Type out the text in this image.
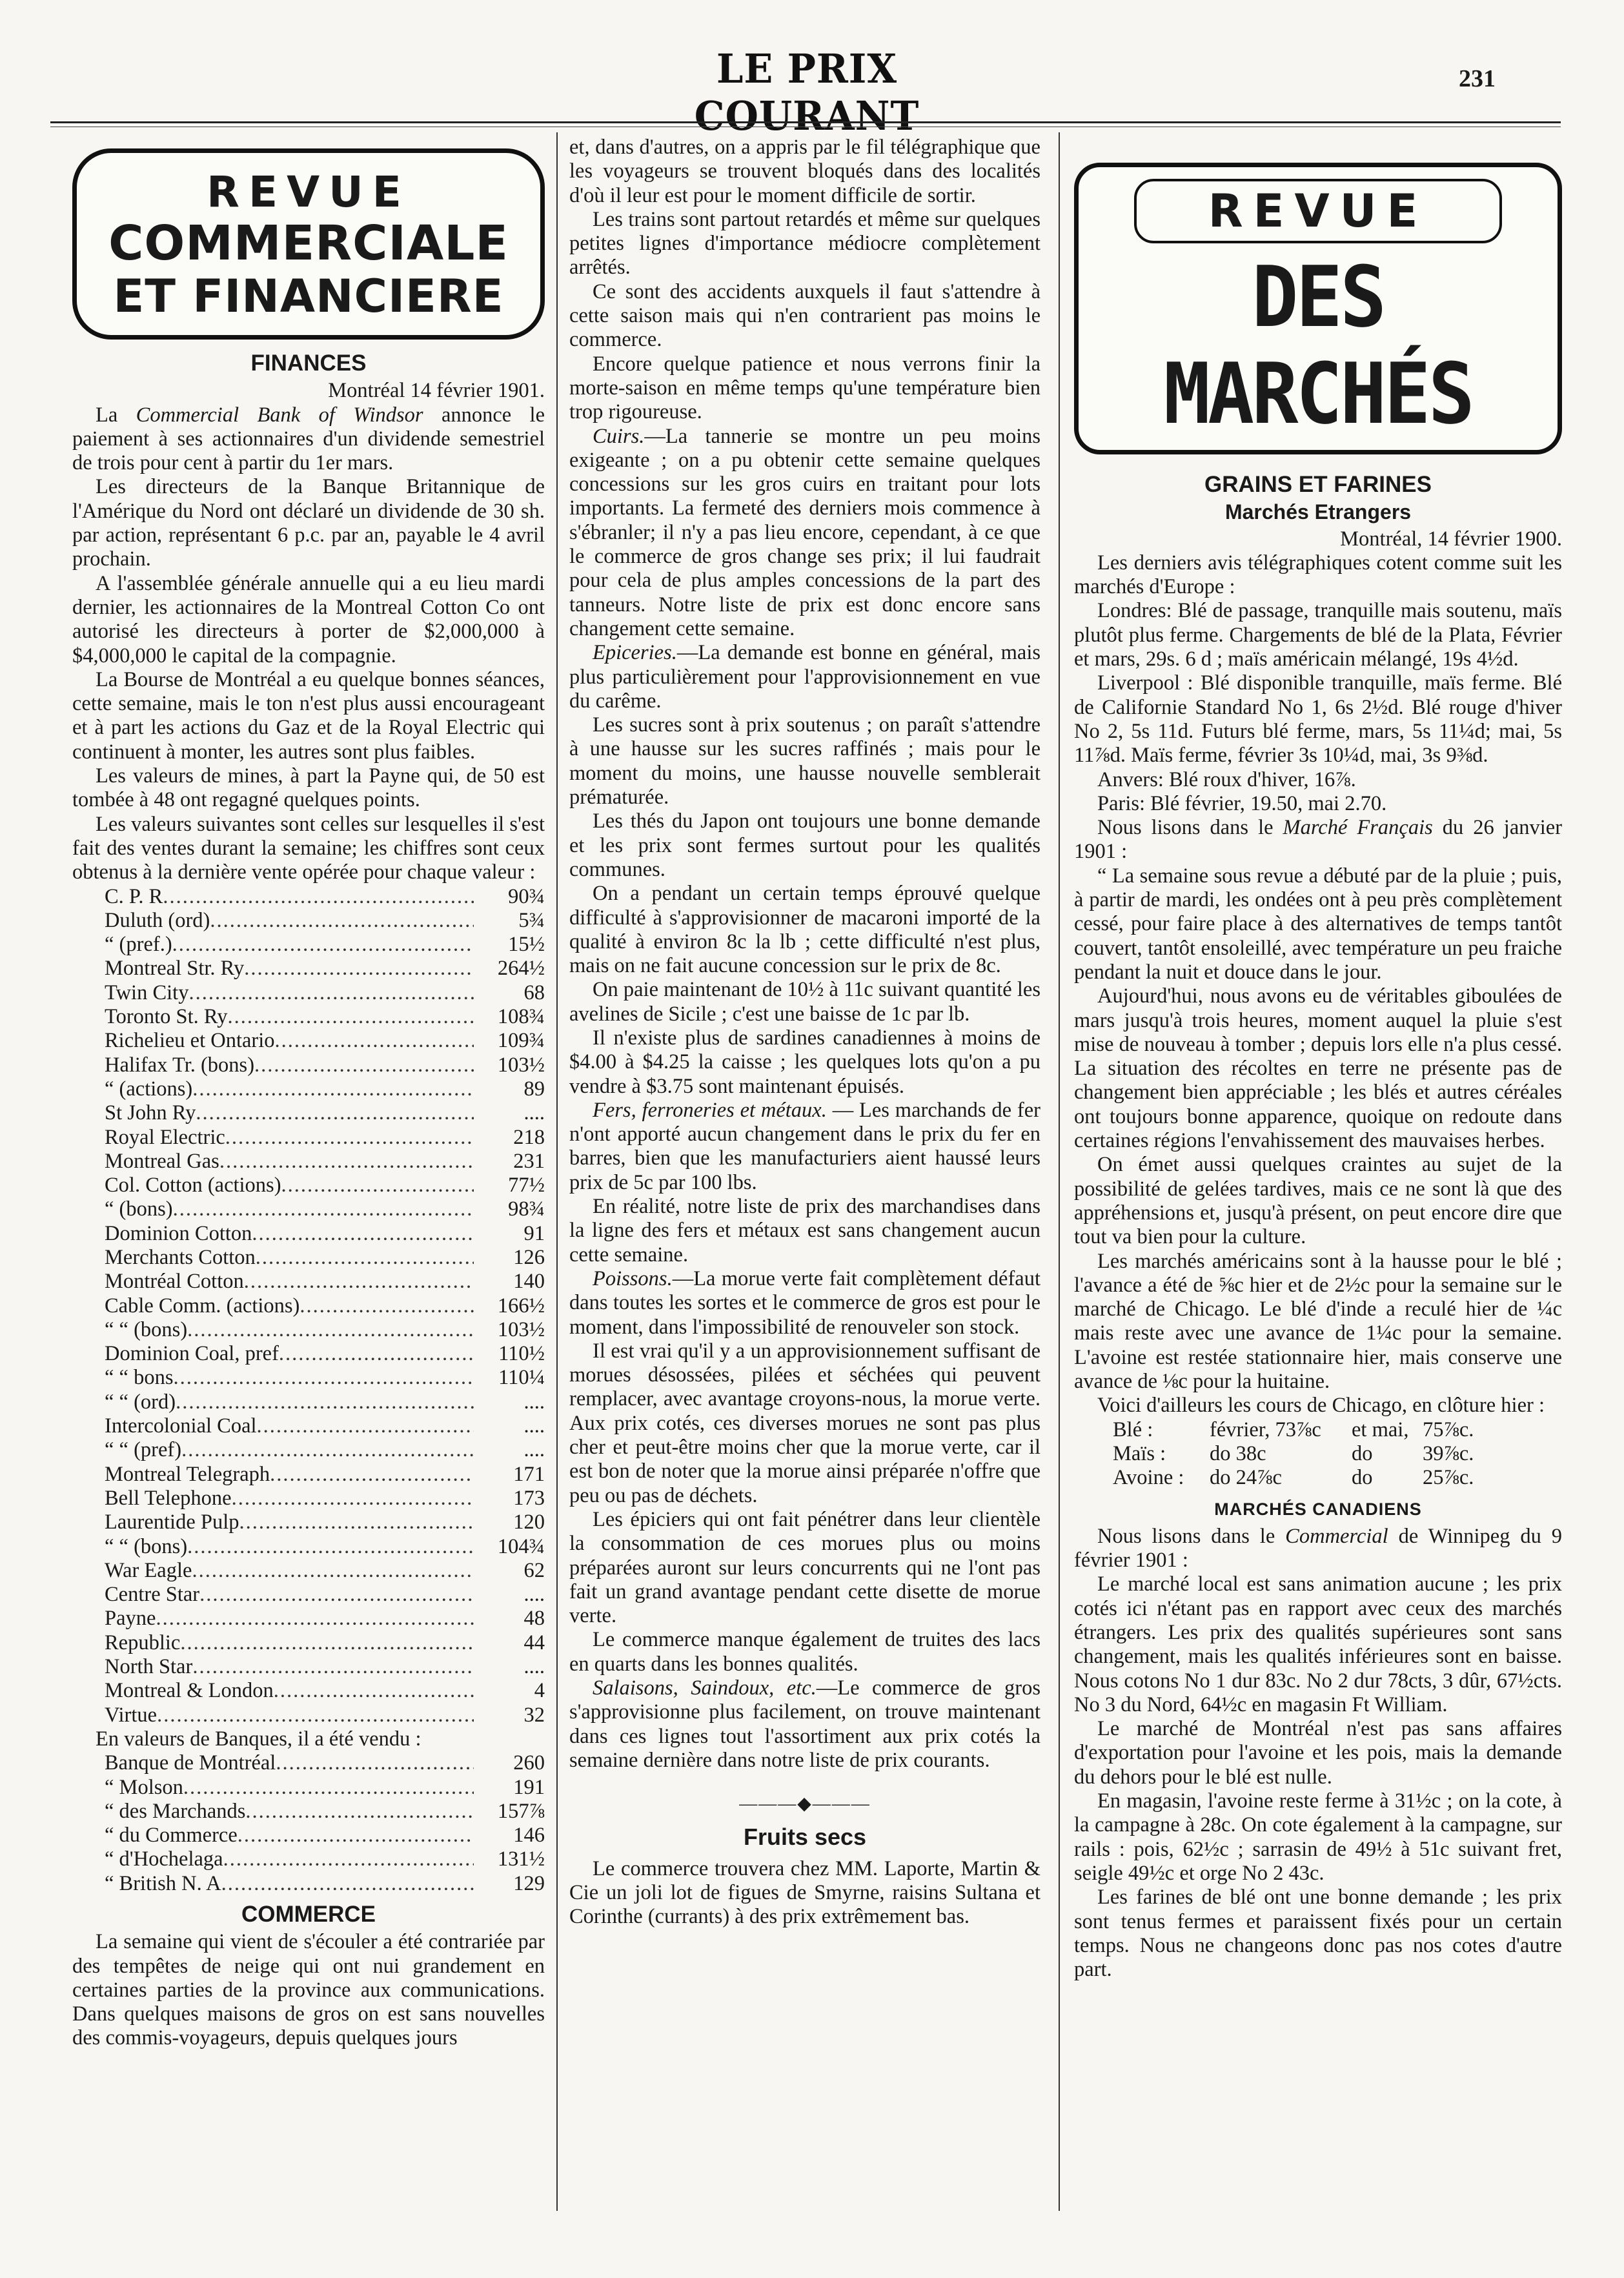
LE PRIX COURANT
231
REVUE
COMMERCIALE
ET FINANCIERE
FINANCES
Montréal 14 février 1901.

La Commercial Bank of Windsor annonce le paiement à ses actionnaires d'un dividende semestriel de trois pour cent à partir du 1er mars.

Les directeurs de la Banque Britannique de l'Amérique du Nord ont déclaré un dividende de 30 sh. par action, représentant 6 p.c. par an, payable le 4 avril prochain.

A l'assemblée générale annuelle qui a eu lieu mardi dernier, les actionnaires de la Montreal Cotton Co ont autorisé les directeurs à porter de $2,000,000 à $4,000,000 le capital de la compagnie.

La Bourse de Montréal a eu quelque bonnes séances, cette semaine, mais le ton n'est plus aussi encourageant et à part les actions du Gaz et de la Royal Electric qui continuent à monter, les autres sont plus faibles.

Les valeurs de mines, à part la Payne qui, de 50 est tombée à 48 ont regagné quelques points.

Les valeurs suivantes sont celles sur lesquelles il s'est fait des ventes durant la semaine; les chiffres sont ceux obtenus à la dernière vente opérée pour chaque valeur :

C. P. R .....	90¾
Duluth (ord) .....	5¾
“ (pref.) .....	15½
Montreal Str. Ry .....	264½
Twin City .....	68
Toronto St. Ry .....	108¾
Richelieu et Ontario .....	109¾
Halifax Tr. (bons) .....	103½
“ (actions) .....	89
St John Ry .....	....
Royal Electric .....	218
Montreal Gas .....	231
Col. Cotton (actions) .....	77½
“ (bons) .....	98¾
Dominion Cotton .....	91
Merchants Cotton .....	126
Montréal Cotton .....	140
Cable Comm. (actions) .....	166½
“ “ (bons) .....	103½
Dominion Coal, pref .....	110½
“ “ bons .....	110¼
“ “ (ord) .....	....
Intercolonial Coal .....	....
“ “ (pref) .....	....
Montreal Telegraph .....	171
Bell Telephone .....	173
Laurentide Pulp .....	120
“ “ (bons) .....	104¾
War Eagle .....	62
Centre Star .....	....
Payne .....	48
Republic .....	44
North Star .....	....
Montreal & London .....	4
Virtue .....	32

En valeurs de Banques, il a été vendu :

Banque de Montréal .....	260
“ Molson .....	191
“ des Marchands .....	157⅞
“ du Commerce .....	146
“ d'Hochelaga .....	131½
“ British N. A .....	129
COMMERCE

La semaine qui vient de s'écouler a été contrariée par des tempêtes de neige qui ont nui grandement en certaines parties de la province aux communications. Dans quelques maisons de gros on est sans nouvelles des commis-voyageurs, depuis quelques jours

et, dans d'autres, on a appris par le fil télégraphique que les voyageurs se trouvent bloqués dans des localités d'où il leur est pour le moment difficile de sortir.

Les trains sont partout retardés et même sur quelques petites lignes d'importance médiocre complètement arrêtés.

Ce sont des accidents auxquels il faut s'attendre à cette saison mais qui n'en contrarient pas moins le commerce.

Encore quelque patience et nous verrons finir la morte-saison en même temps qu'une température bien trop rigoureuse.

Cuirs.—La tannerie se montre un peu moins exigeante ; on a pu obtenir cette semaine quelques concessions sur les gros cuirs en traitant pour lots importants. La fermeté des derniers mois commence à s'ébranler; il n'y a pas lieu encore, cependant, à ce que le commerce de gros change ses prix; il lui faudrait pour cela de plus amples concessions de la part des tanneurs. Notre liste de prix est donc encore sans changement cette semaine.

Epiceries.—La demande est bonne en général, mais plus particulièrement pour l'approvisionnement en vue du carême.

Les sucres sont à prix soutenus ; on paraît s'attendre à une hausse sur les sucres raffinés ; mais pour le moment du moins, une hausse nouvelle semblerait prématurée.

Les thés du Japon ont toujours une bonne demande et les prix sont fermes surtout pour les qualités communes.

On a pendant un certain temps éprouvé quelque difficulté à s'approvisionner de macaroni importé de la qualité à environ 8c la lb ; cette difficulté n'est plus, mais on ne fait aucune concession sur le prix de 8c.

On paie maintenant de 10½ à 11c suivant quantité les avelines de Sicile ; c'est une baisse de 1c par lb.

Il n'existe plus de sardines canadiennes à moins de $4.00 à $4.25 la caisse ; les quelques lots qu'on a pu vendre à $3.75 sont maintenant épuisés.

Fers, ferroneries et métaux. — Les marchands de fer n'ont apporté aucun changement dans le prix du fer en barres, bien que les manufacturiers aient haussé leurs prix de 5c par 100 lbs.

En réalité, notre liste de prix des marchandises dans la ligne des fers et métaux est sans changement aucun cette semaine.

Poissons.—La morue verte fait complètement défaut dans toutes les sortes et le commerce de gros est pour le moment, dans l'impossibilité de renouveler son stock.

Il est vrai qu'il y a un approvisionnement suffisant de morues désossées, pilées et séchées qui peuvent remplacer, avec avantage croyons-nous, la morue verte. Aux prix cotés, ces diverses morues ne sont pas plus cher et peut-être moins cher que la morue verte, car il est bon de noter que la morue ainsi préparée n'offre que peu ou pas de déchets.

Les épiciers qui ont fait pénétrer dans leur clientèle la consommation de ces morues plus ou moins préparées auront sur leurs concurrents qui ne l'ont pas fait un grand avantage pendant cette disette de morue verte.

Le commerce manque également de truites des lacs en quarts dans les bonnes qualités.

Salaisons, Saindoux, etc.—Le commerce de gros s'approvisionne plus facilement, on trouve maintenant dans ces lignes tout l'assortiment aux prix cotés la semaine dernière dans notre liste de prix courants.

———◆———
Fruits secs

Le commerce trouvera chez MM. Laporte, Martin & Cie un joli lot de figues de Smyrne, raisins Sultana et Corinthe (currants) à des prix extrêmement bas.

REVUE
DES MARCHÉS
GRAINS ET FARINES
Marchés Etrangers
Montréal, 14 février 1900.

Les derniers avis télégraphiques cotent comme suit les marchés d'Europe :

Londres: Blé de passage, tranquille mais soutenu, maïs plutôt plus ferme. Chargements de blé de la Plata, Février et mars, 29s. 6 d ; maïs américain mélangé, 19s 4½d.

Liverpool : Blé disponible tranquille, maïs ferme. Blé de Californie Standard No 1, 6s 2½d. Blé rouge d'hiver No 2, 5s 11d. Futurs blé ferme, mars, 5s 11¼d; mai, 5s 11⅞d. Maïs ferme, février 3s 10¼d, mai, 3s 9⅜d.

Anvers: Blé roux d'hiver, 16⅞.

Paris: Blé février, 19.50, mai 2.70.

Nous lisons dans le Marché Français du 26 janvier 1901 :

“ La semaine sous revue a débuté par de la pluie ; puis, à partir de mardi, les ondées ont à peu près complètement cessé, pour faire place à des alternatives de temps tantôt couvert, tantôt ensoleillé, avec température un peu fraiche pendant la nuit et douce dans le jour.

Aujourd'hui, nous avons eu de véritables giboulées de mars jusqu'à trois heures, moment auquel la pluie s'est mise de nouveau à tomber ; depuis lors elle n'a plus cessé. La situation des récoltes en terre ne présente pas de changement bien appréciable ; les blés et autres céréales ont toujours bonne apparence, quoique on redoute dans certaines régions l'envahissement des mauvaises herbes.

On émet aussi quelques craintes au sujet de la possibilité de gelées tardives, mais ce ne sont là que des appréhensions et, jusqu'à présent, on peut encore dire que tout va bien pour la culture.

Les marchés américains sont à la hausse pour le blé ; l'avance a été de ⅝c hier et de 2½c pour la semaine sur le marché de Chicago. Le blé d'inde a reculé hier de ¼c mais reste avec une avance de 1¼c pour la semaine. L'avoine est restée stationnaire hier, mais conserve une avance de ⅛c pour la huitaine.

Voici d'ailleurs les cours de Chicago, en clôture hier :

Blé :	février, 73⅞c	et mai, 75⅞c.
Maïs :	do 38c	do	39⅞c.
Avoine :	do 24⅞c	do	25⅞c.
MARCHÉS CANADIENS

Nous lisons dans le Commercial de Winnipeg du 9 février 1901 :

Le marché local est sans animation aucune ; les prix cotés ici n'étant pas en rapport avec ceux des marchés étrangers. Les prix des qualités supérieures sont sans changement, mais les qualités inférieures sont en baisse. Nous cotons No 1 dur 83c. No 2 dur 78cts, 3 dûr, 67½cts. No 3 du Nord, 64½c en magasin Ft William.

Le marché de Montréal n'est pas sans affaires d'exportation pour l'avoine et les pois, mais la demande du dehors pour le blé est nulle.

En magasin, l'avoine reste ferme à 31½c ; on la cote, à la campagne à 28c. On cote également à la campagne, sur rails : pois, 62½c ; sarrasin de 49½ à 51c suivant fret, seigle 49½c et orge No 2 43c.

Les farines de blé ont une bonne demande ; les prix sont tenus fermes et paraissent fixés pour un certain temps. Nous ne changeons donc pas nos cotes d'autre part.
